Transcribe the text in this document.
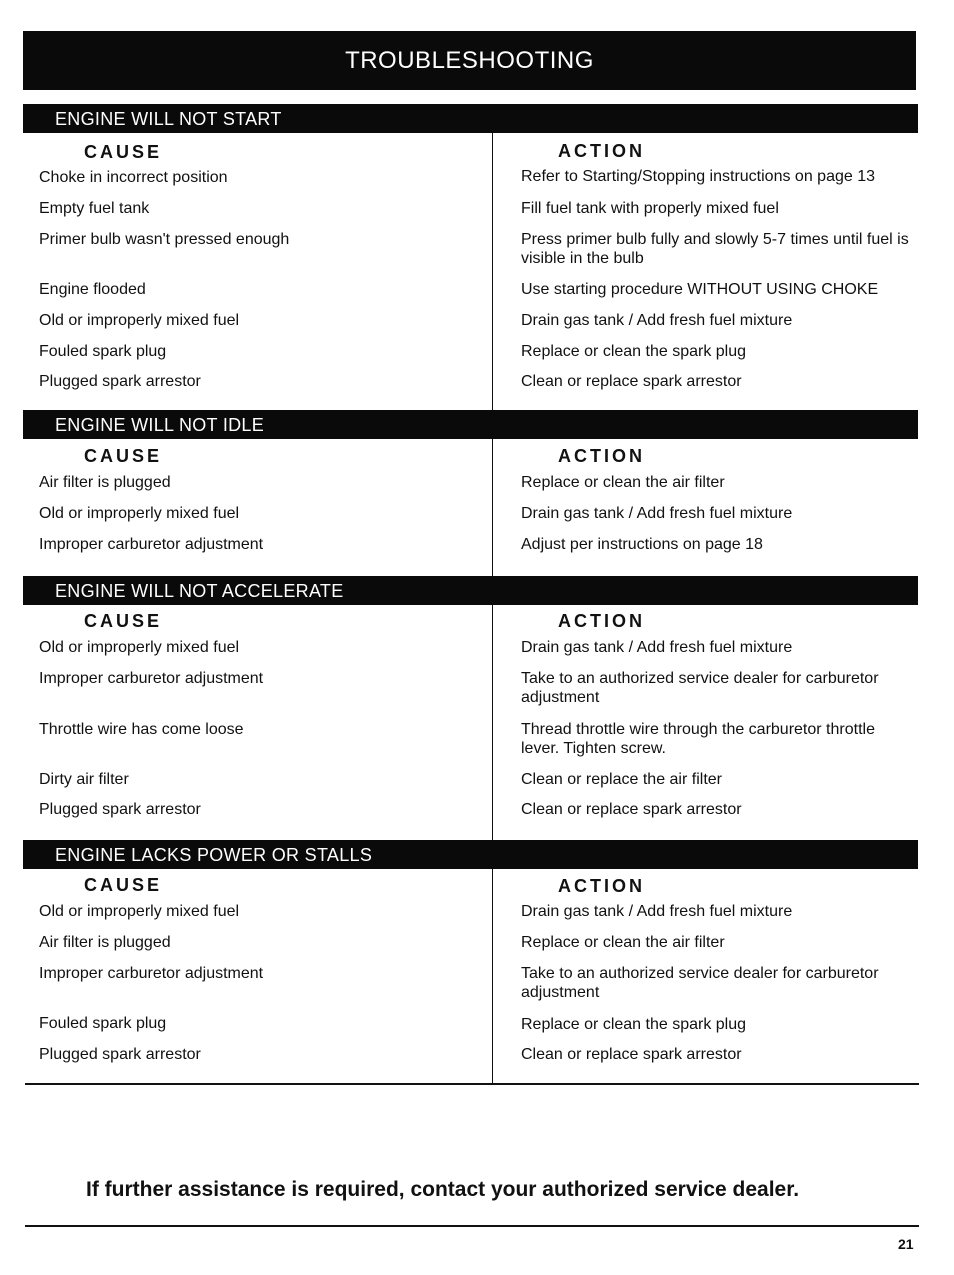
TROUBLESHOOTING
ENGINE WILL NOT START
CAUSE	ACTION
Choke in incorrect position	Refer to Starting/Stopping instructions on page 13
Empty fuel tank	Fill fuel tank with properly mixed fuel
Primer bulb wasn't pressed enough	Press primer bulb fully and slowly 5-7 times until fuel is visible in the bulb
Engine flooded	Use starting procedure WITHOUT USING CHOKE
Old or improperly mixed fuel	Drain gas tank / Add fresh fuel mixture
Fouled spark plug	Replace or clean the spark plug
Plugged spark arrestor	Clean or replace spark arrestor
ENGINE WILL NOT IDLE
CAUSE	ACTION
Air filter is plugged	Replace or clean the air filter
Old or improperly mixed fuel	Drain gas tank / Add fresh fuel mixture
Improper carburetor adjustment	Adjust per instructions on page 18
ENGINE WILL NOT ACCELERATE
CAUSE	ACTION
Old or improperly mixed fuel	Drain gas tank / Add fresh fuel mixture
Improper carburetor adjustment	Take to an authorized service dealer for carburetor adjustment
Throttle wire has come loose	Thread throttle wire through the carburetor throttle lever. Tighten screw.
Dirty air filter	Clean or replace the air filter
Plugged spark arrestor	Clean or replace spark arrestor
ENGINE LACKS POWER OR STALLS
CAUSE	ACTION
Old or improperly mixed fuel	Drain gas tank / Add fresh fuel mixture
Air filter is plugged	Replace or clean the air filter
Improper carburetor adjustment	Take to an authorized service dealer for carburetor adjustment
Fouled spark plug	Replace or clean the spark plug
Plugged spark arrestor	Clean or replace spark arrestor
If further assistance is required, contact your authorized service dealer.
21
